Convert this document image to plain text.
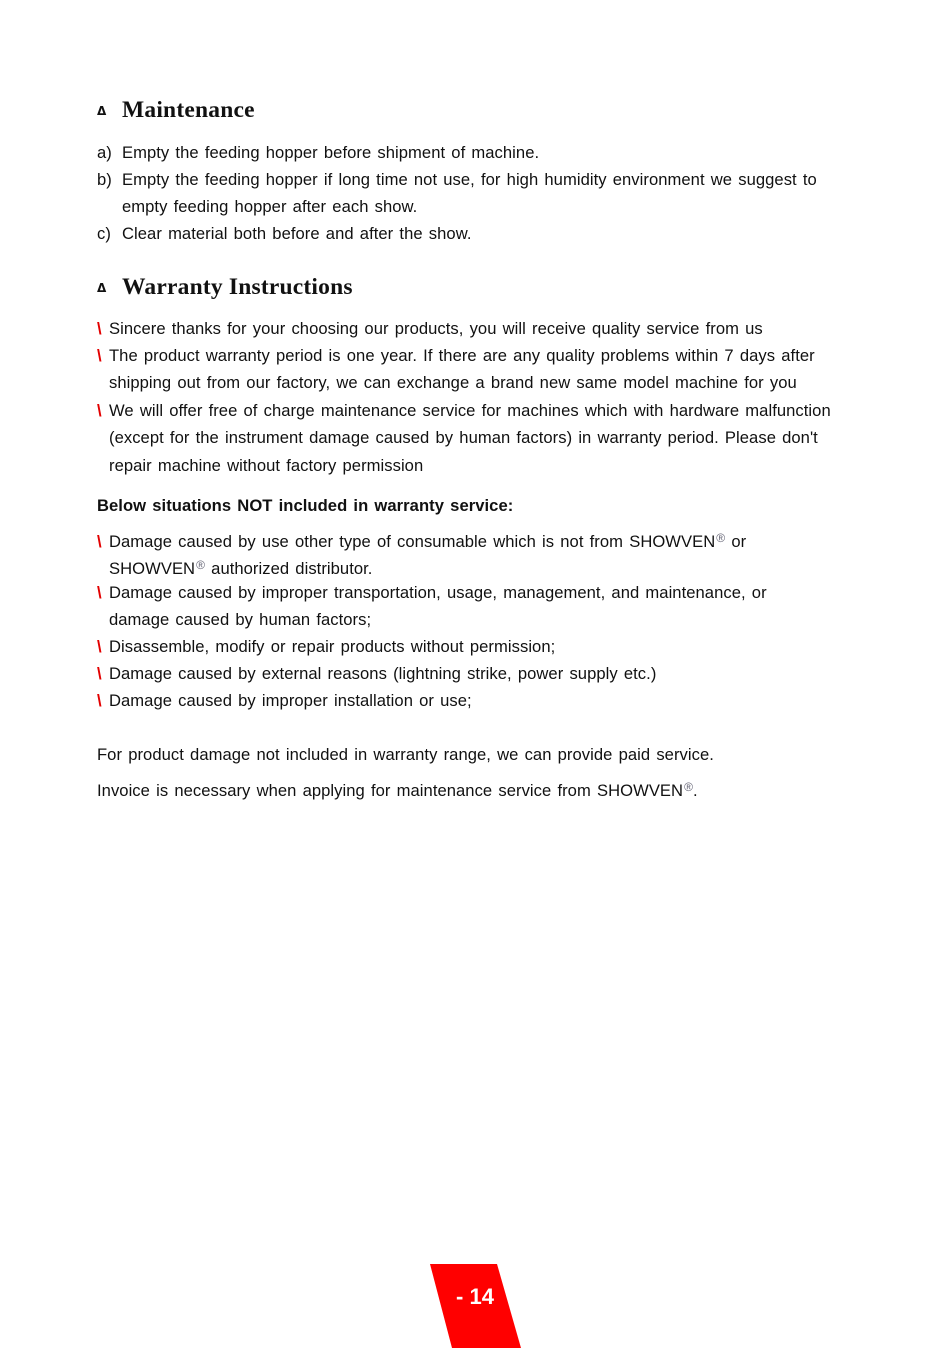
Δ Maintenance
a) Empty the feeding hopper before shipment of machine.
b) Empty the feeding hopper if long time not use, for high humidity environment we suggest to
empty feeding hopper after each show.
c) Clear material both before and after the show.
Δ Warranty Instructions
\ Sincere thanks for your choosing our products, you will receive quality service from us
\ The product warranty period is one year. If there are any quality problems within 7 days after
shipping out from our factory, we can exchange a brand new same model machine for you
\ We will offer free of charge maintenance service for machines which with hardware malfunction
(except for the instrument damage caused by human factors) in warranty period. Please don't
repair machine without factory permission
Below situations NOT included in warranty service:
\ Damage caused by use other type of consumable which is not from SHOWVEN® or
SHOWVEN® authorized distributor.
\ Damage caused by improper transportation, usage, management, and maintenance, or
damage caused by human factors;
\ Disassemble, modify or repair products without permission;
\ Damage caused by external reasons (lightning strike, power supply etc.)
\ Damage caused by improper installation or use;
For product damage not included in warranty range, we can provide paid service.
Invoice is necessary when applying for maintenance service from SHOWVEN®.
- 14
